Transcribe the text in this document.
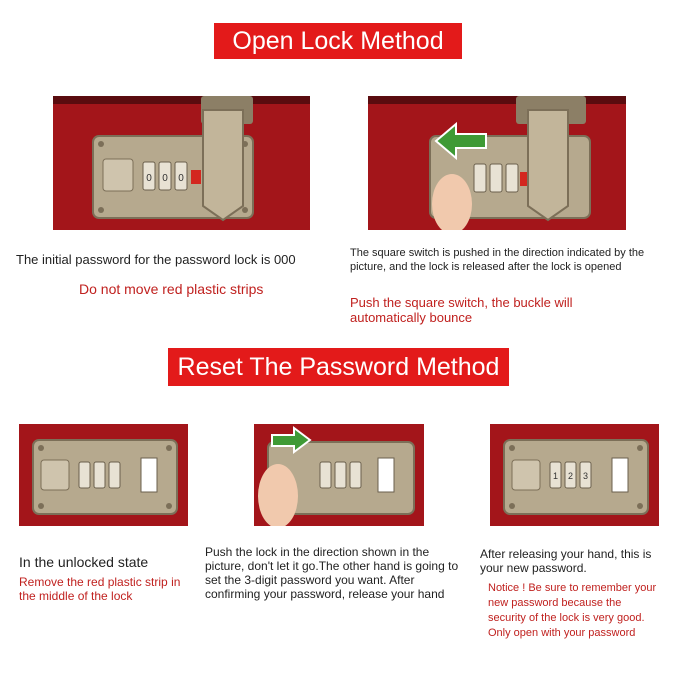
Open Lock Method
0 0 0
The initial password for the password lock is 000
Do not move red plastic strips
The square switch is pushed in the direction indicated by the picture, and the lock is released after the lock is opened
Push the square switch, the buckle will automatically bounce
Reset The Password Method
1 2 3
In the unlocked state
Remove the red plastic strip in the middle of the lock
Push the lock in the direction shown in the picture, don't let it go.The other hand is going to set the 3-digit password you want. After confirming your password, release your hand
After releasing your hand, this is your new password.
Notice ! Be sure to remember your new password because the security of the lock is very good. Only open with your password
